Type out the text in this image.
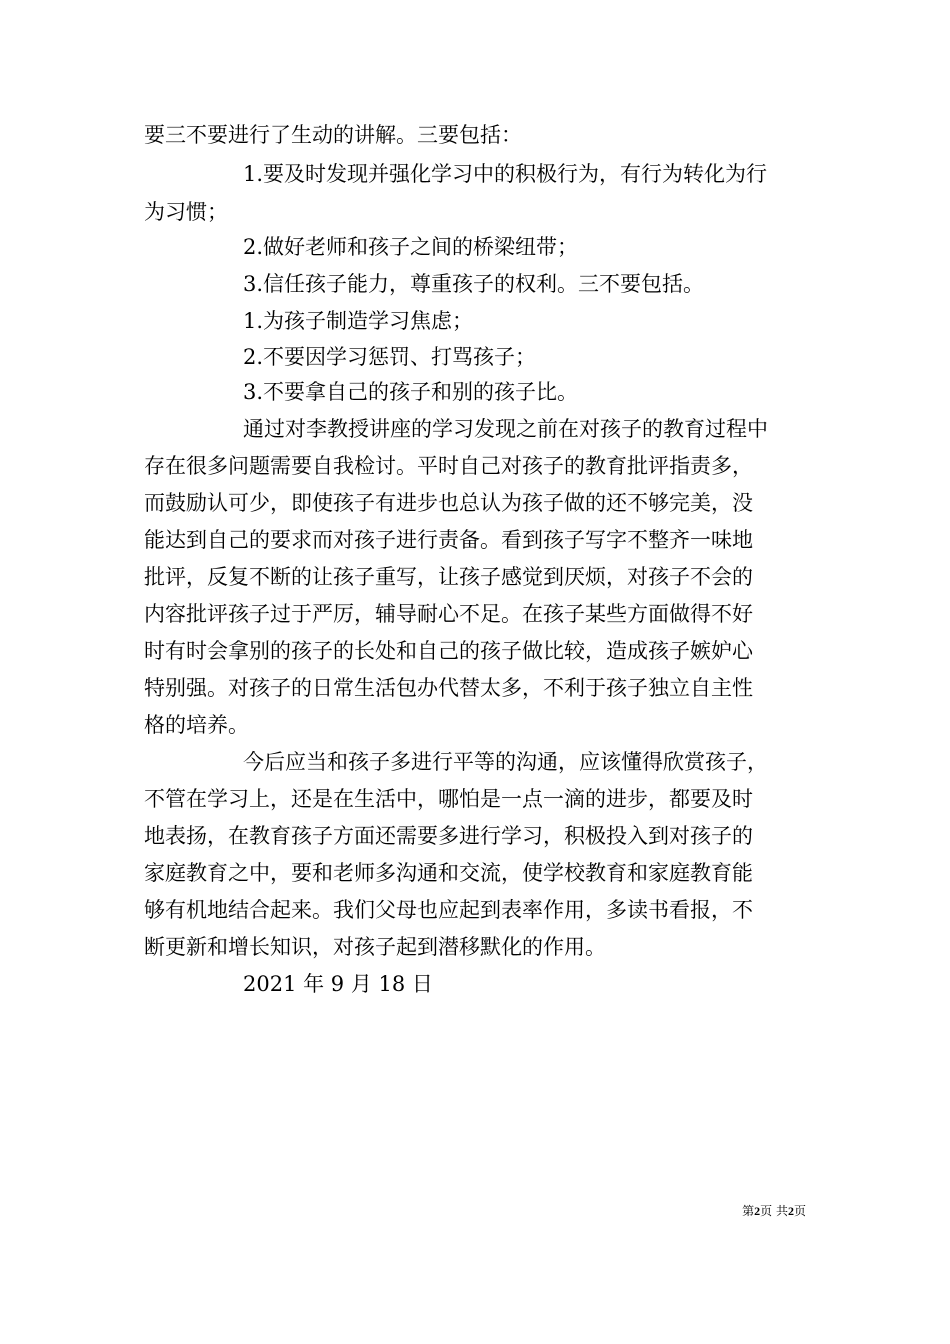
要三不要进行了生动的讲解。三要包括：
1.要及时发现并强化学习中的积极行为，有行为转化为行
为习惯；
2.做好老师和孩子之间的桥梁纽带；
3.信任孩子能力，尊重孩子的权利。三不要包括。
1.为孩子制造学习焦虑；
2.不要因学习惩罚、打骂孩子；
3.不要拿自己的孩子和别的孩子比。
通过对李教授讲座的学习发现之前在对孩子的教育过程中
存在很多问题需要自我检讨。平时自己对孩子的教育批评指责多，
而鼓励认可少，即使孩子有进步也总认为孩子做的还不够完美，没
能达到自己的要求而对孩子进行责备。看到孩子写字不整齐一味地
批评，反复不断的让孩子重写，让孩子感觉到厌烦，对孩子不会的
内容批评孩子过于严厉，辅导耐心不足。在孩子某些方面做得不好
时有时会拿别的孩子的长处和自己的孩子做比较，造成孩子嫉妒心
特别强。对孩子的日常生活包办代替太多，不利于孩子独立自主性
格的培养。
今后应当和孩子多进行平等的沟通，应该懂得欣赏孩子，
不管在学习上，还是在生活中，哪怕是一点一滴的进步，都要及时
地表扬，在教育孩子方面还需要多进行学习，积极投入到对孩子的
家庭教育之中，要和老师多沟通和交流，使学校教育和家庭教育能
够有机地结合起来。我们父母也应起到表率作用，多读书看报，不
断更新和增长知识，对孩子起到潜移默化的作用。
2021 年 9 月 18 日
第2页 共2页
